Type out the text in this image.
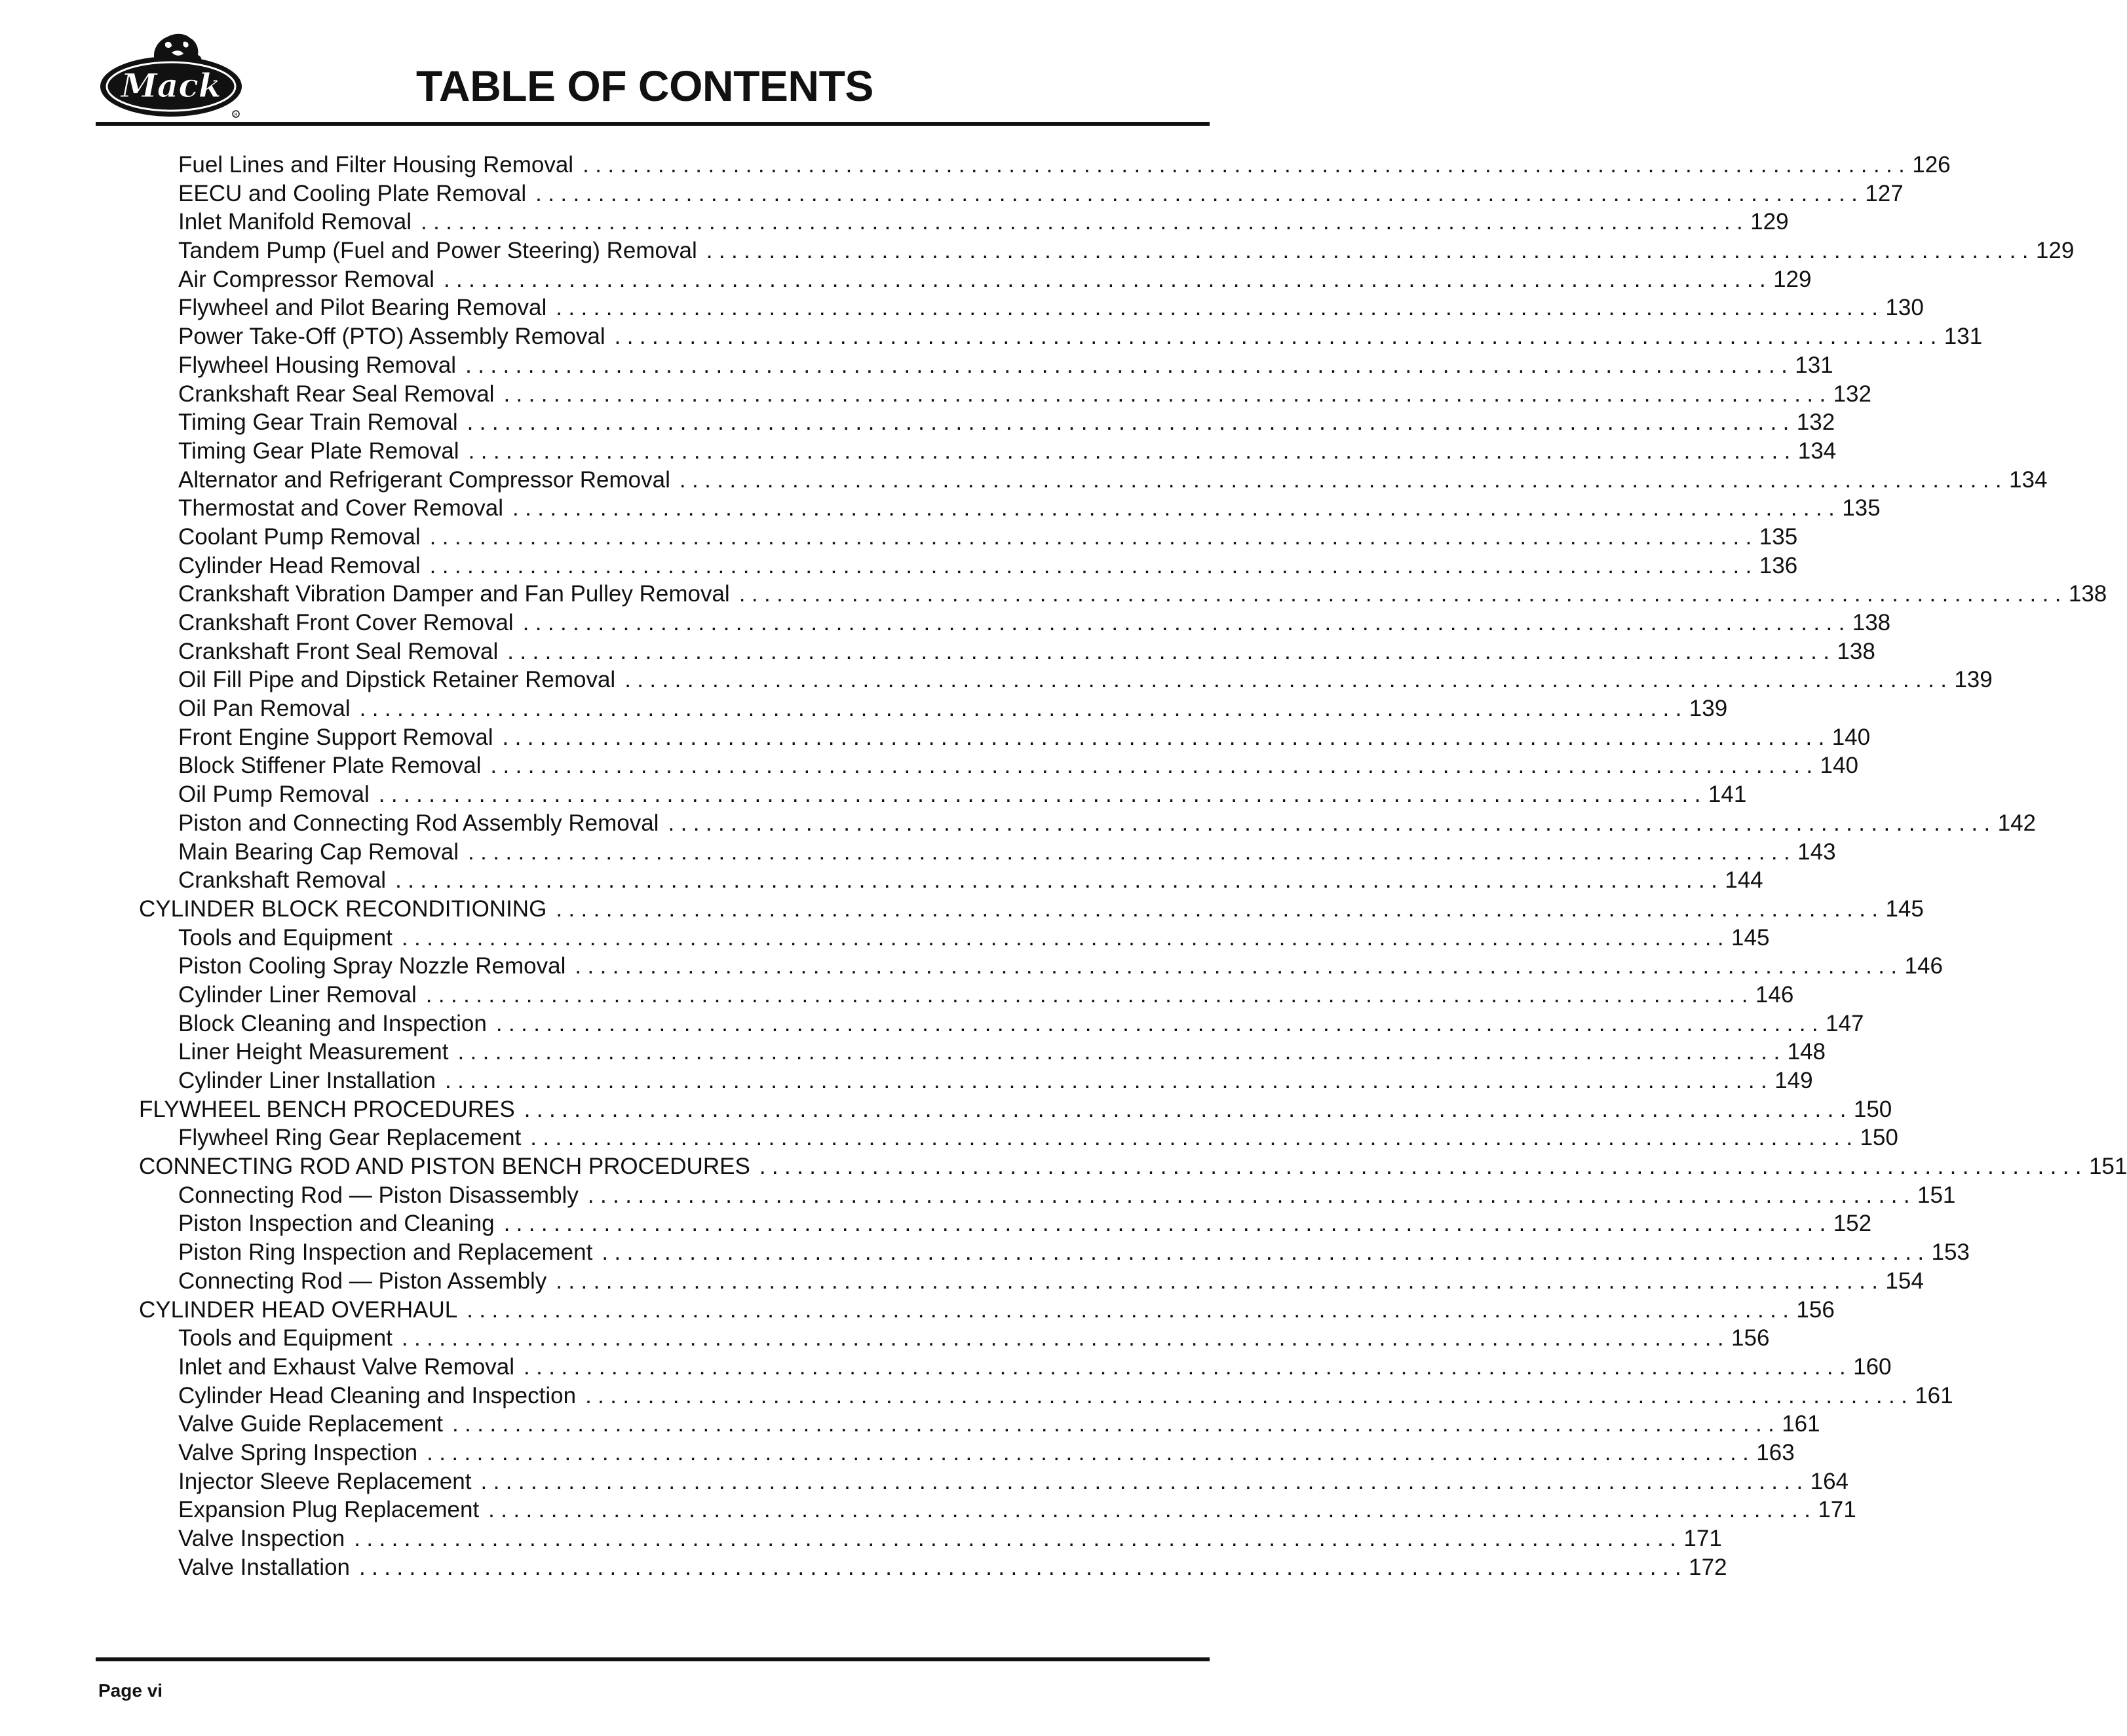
Mack
R
TABLE OF CONTENTS
Fuel Lines and Filter Housing Removal .......................................................................................................... 126
EECU and Cooling Plate Removal .......................................................................................................... 127
Inlet Manifold Removal .......................................................................................................... 129
Tandem Pump (Fuel and Power Steering) Removal .......................................................................................................... 129
Air Compressor Removal .......................................................................................................... 129
Flywheel and Pilot Bearing Removal .......................................................................................................... 130
Power Take-Off (PTO) Assembly Removal .......................................................................................................... 131
Flywheel Housing Removal .......................................................................................................... 131
Crankshaft Rear Seal Removal .......................................................................................................... 132
Timing Gear Train Removal .......................................................................................................... 132
Timing Gear Plate Removal .......................................................................................................... 134
Alternator and Refrigerant Compressor Removal .......................................................................................................... 134
Thermostat and Cover Removal .......................................................................................................... 135
Coolant Pump Removal .......................................................................................................... 135
Cylinder Head Removal .......................................................................................................... 136
Crankshaft Vibration Damper and Fan Pulley Removal .......................................................................................................... 138
Crankshaft Front Cover Removal .......................................................................................................... 138
Crankshaft Front Seal Removal .......................................................................................................... 138
Oil Fill Pipe and Dipstick Retainer Removal .......................................................................................................... 139
Oil Pan Removal .......................................................................................................... 139
Front Engine Support Removal .......................................................................................................... 140
Block Stiffener Plate Removal .......................................................................................................... 140
Oil Pump Removal .......................................................................................................... 141
Piston and Connecting Rod Assembly Removal .......................................................................................................... 142
Main Bearing Cap Removal .......................................................................................................... 143
Crankshaft Removal .......................................................................................................... 144
CYLINDER BLOCK RECONDITIONING .......................................................................................................... 145
Tools and Equipment .......................................................................................................... 145
Piston Cooling Spray Nozzle Removal .......................................................................................................... 146
Cylinder Liner Removal .......................................................................................................... 146
Block Cleaning and Inspection .......................................................................................................... 147
Liner Height Measurement .......................................................................................................... 148
Cylinder Liner Installation .......................................................................................................... 149
FLYWHEEL BENCH PROCEDURES .......................................................................................................... 150
Flywheel Ring Gear Replacement .......................................................................................................... 150
CONNECTING ROD AND PISTON BENCH PROCEDURES .......................................................................................................... 151
Connecting Rod — Piston Disassembly .......................................................................................................... 151
Piston Inspection and Cleaning .......................................................................................................... 152
Piston Ring Inspection and Replacement .......................................................................................................... 153
Connecting Rod — Piston Assembly .......................................................................................................... 154
CYLINDER HEAD OVERHAUL .......................................................................................................... 156
Tools and Equipment .......................................................................................................... 156
Inlet and Exhaust Valve Removal .......................................................................................................... 160
Cylinder Head Cleaning and Inspection .......................................................................................................... 161
Valve Guide Replacement .......................................................................................................... 161
Valve Spring Inspection .......................................................................................................... 163
Injector Sleeve Replacement .......................................................................................................... 164
Expansion Plug Replacement .......................................................................................................... 171
Valve Inspection .......................................................................................................... 171
Valve Installation .......................................................................................................... 172
Page vi
